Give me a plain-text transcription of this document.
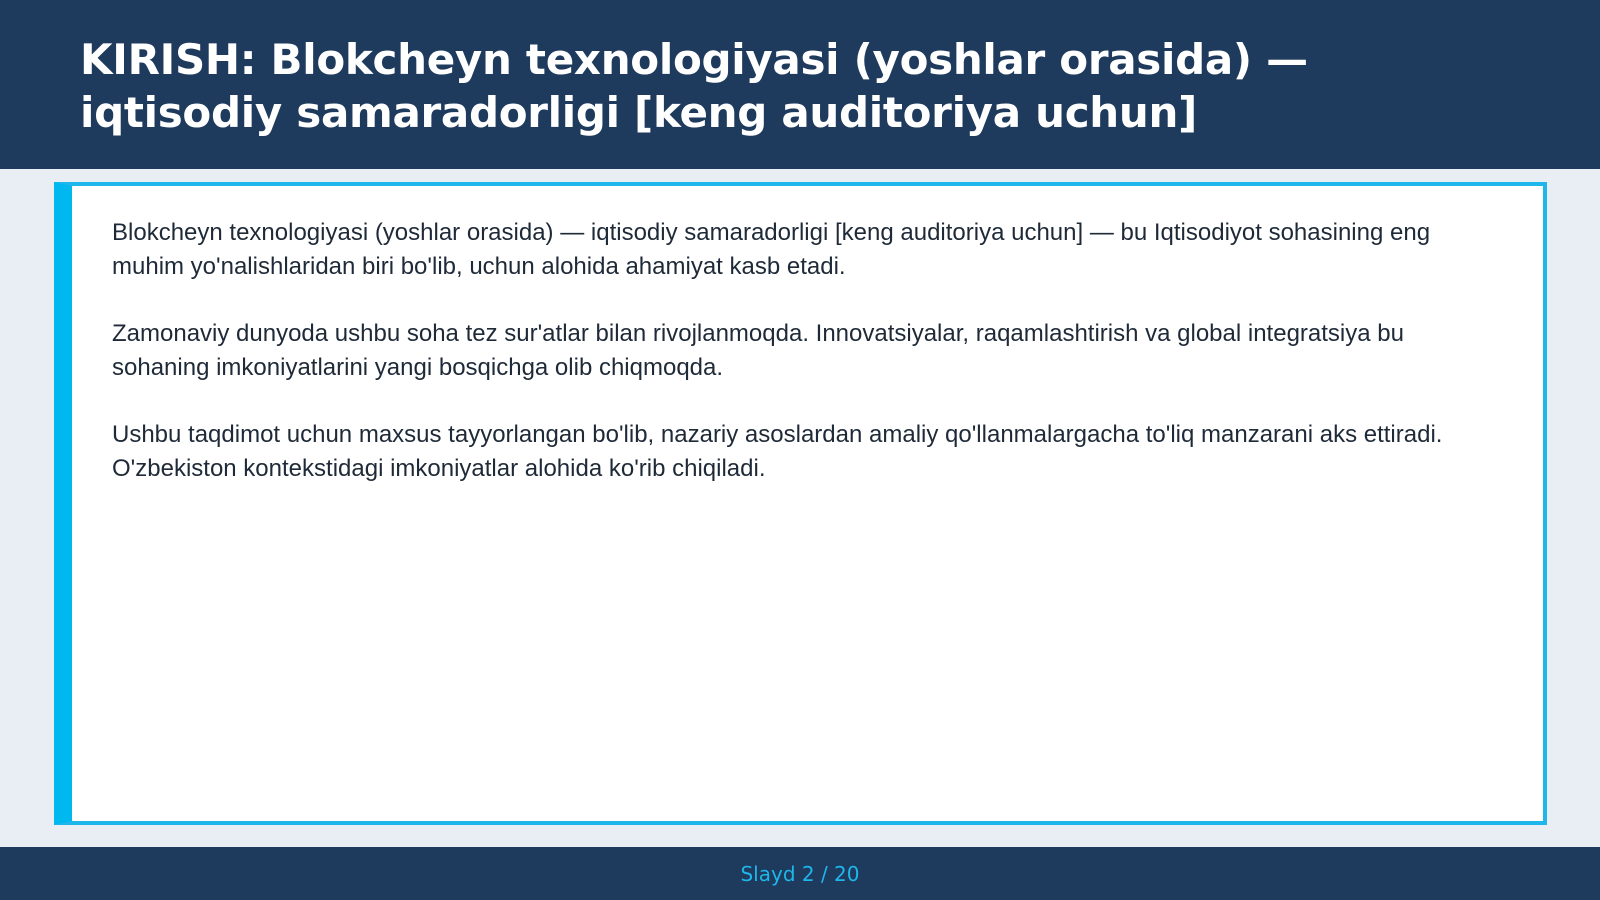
KIRISH: Blokcheyn texnologiyasi (yoshlar orasida) — iqtisodiy samaradorligi [keng auditoriya uchun]

Blokcheyn texnologiyasi (yoshlar orasida) — iqtisodiy samaradorligi [keng auditoriya uchun] — bu Iqtisodiyot sohasining eng muhim yo'nalishlaridan biri bo'lib, uchun alohida ahamiyat kasb etadi.

Zamonaviy dunyoda ushbu soha tez sur'atlar bilan rivojlanmoqda. Innovatsiyalar, raqamlashtirish va global integratsiya bu sohaning imkoniyatlarini yangi bosqichga olib chiqmoqda.

Ushbu taqdimot uchun maxsus tayyorlangan bo'lib, nazariy asoslardan amaliy qo'llanmalargacha to'liq manzarani aks ettiradi. O'zbekiston kontekstidagi imkoniyatlar alohida ko'rib chiqiladi.

Slayd 2 / 20
